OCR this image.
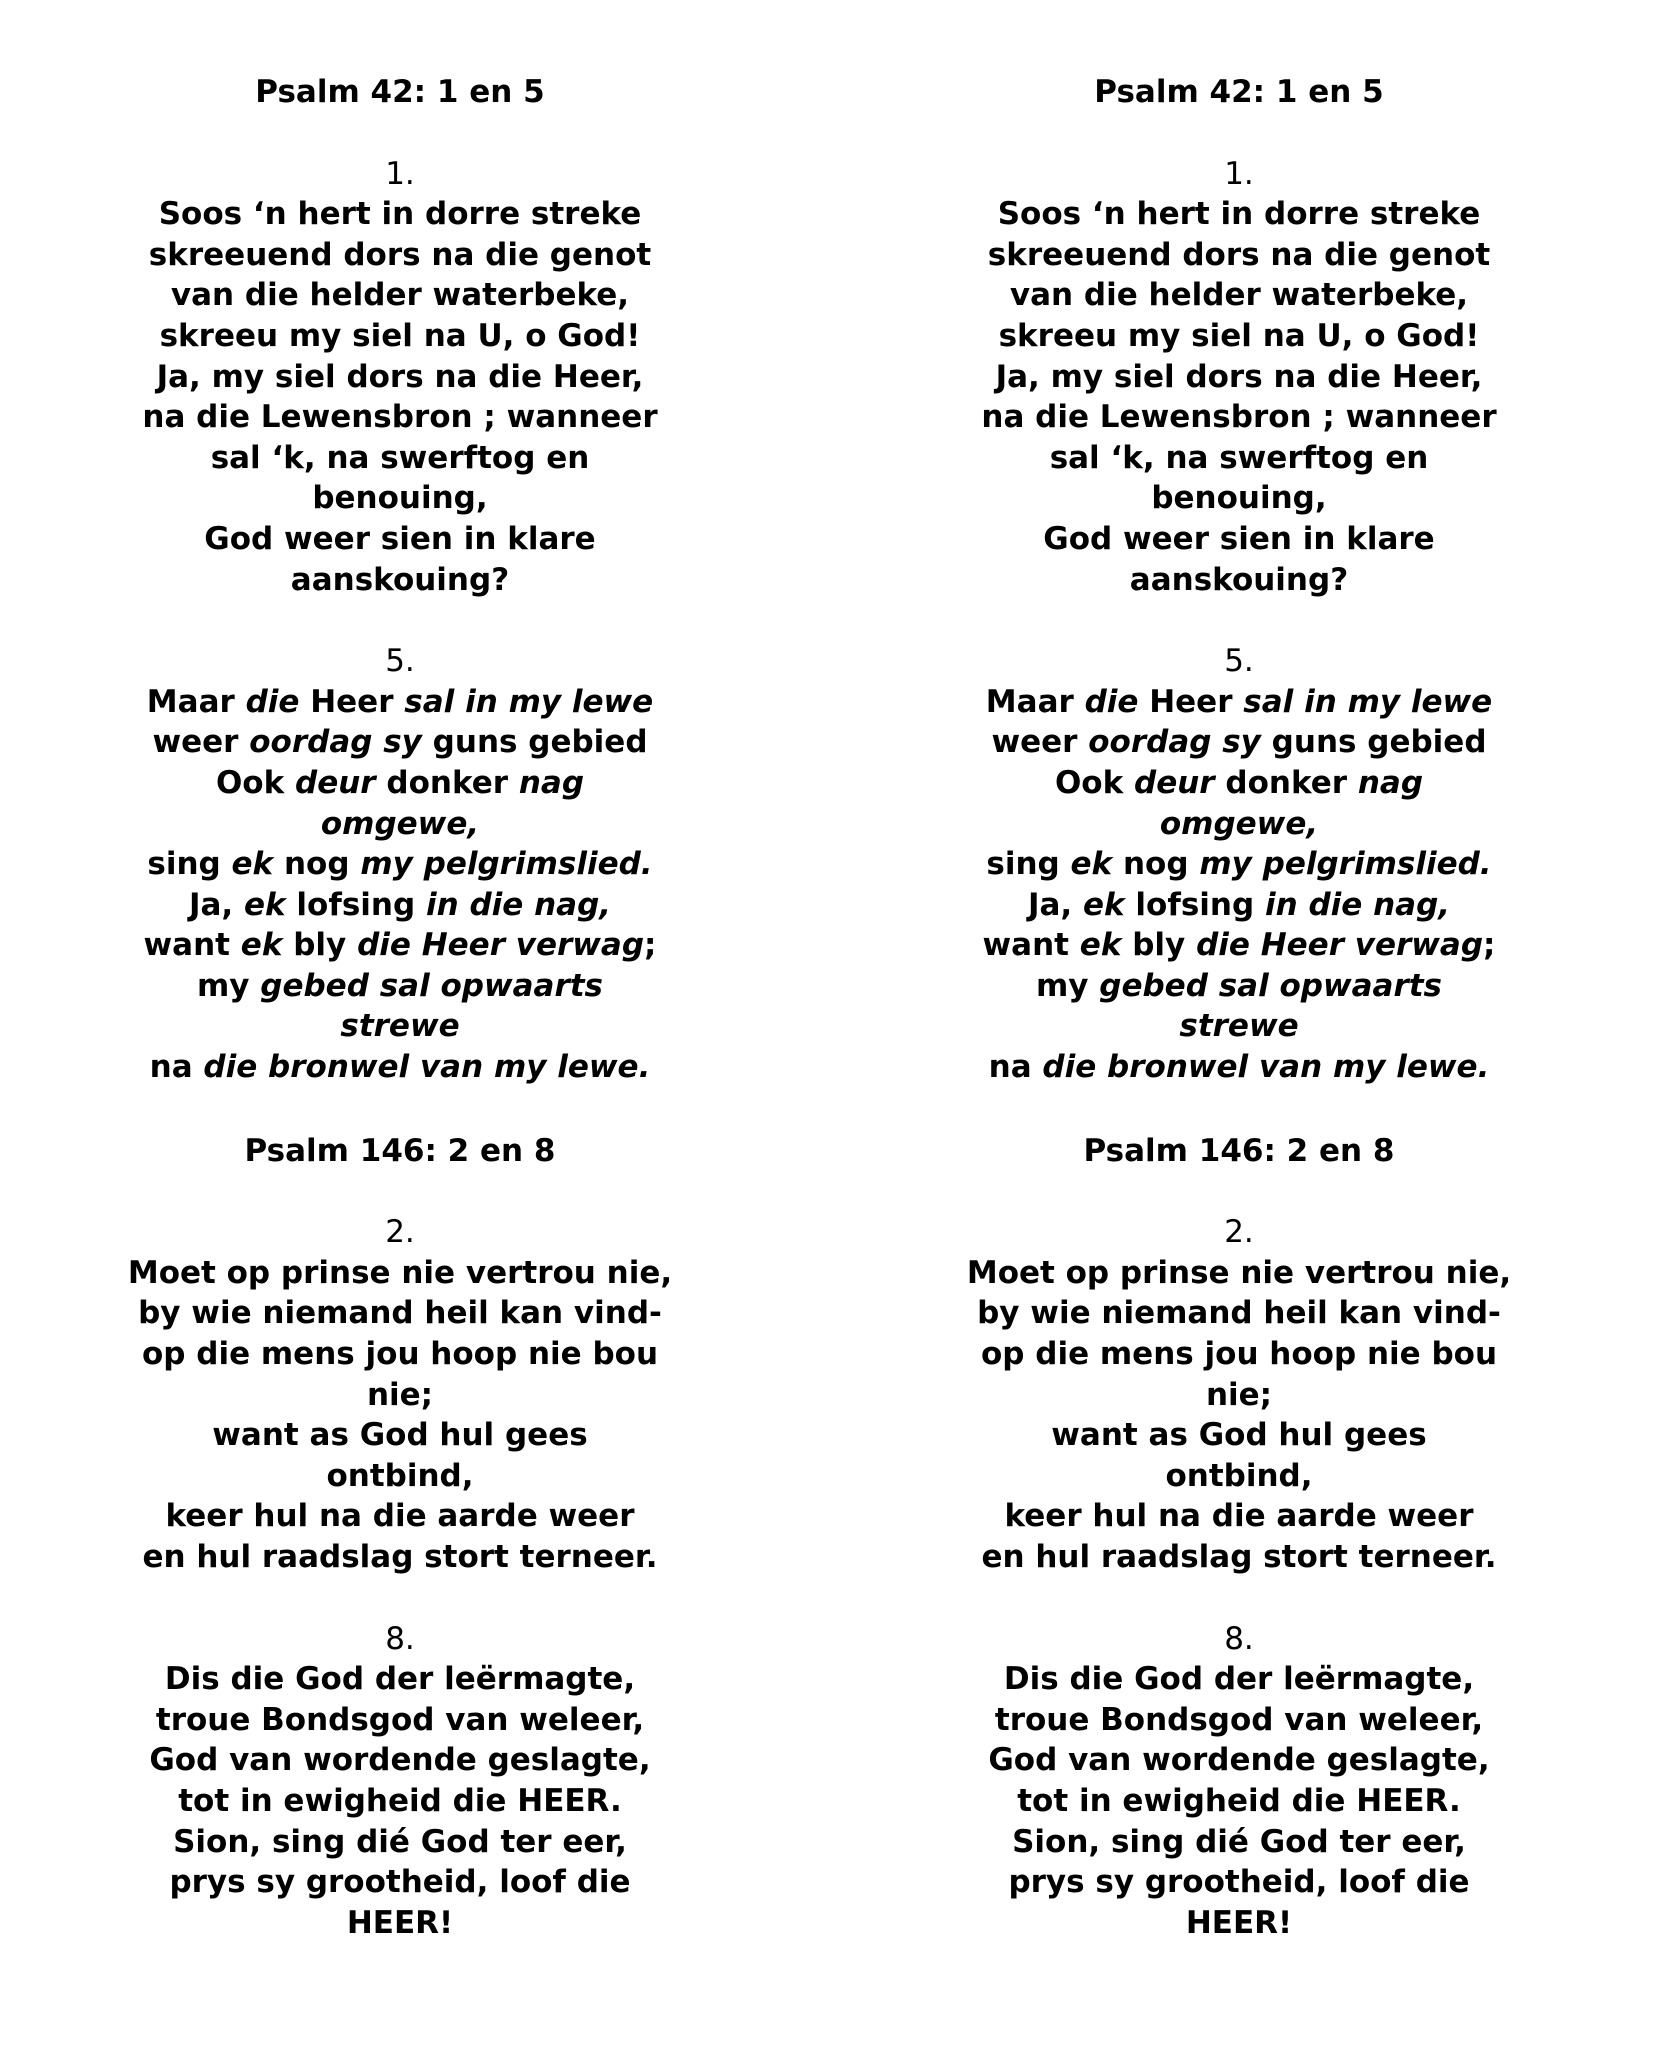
Psalm 42: 1 en 5
1.
Soos ‘n hert in dorre streke
skreeuend dors na die genot
van die helder waterbeke,
skreeu my siel na U, o God!
Ja, my siel dors na die Heer,
na die Lewensbron ; wanneer
sal ‘k, na swerftog en
benouing,
God weer sien in klare
aanskouing?
5.
Maar die Heer sal in my lewe
weer oordag sy guns gebied
Ook deur donker nag
omgewe,
sing ek nog my pelgrimslied.
Ja, ek lofsing in die nag,
want ek bly die Heer verwag;
my gebed sal opwaarts
strewe
na die bronwel van my lewe.
Psalm 146: 2 en 8
2.
Moet op prinse nie vertrou nie,
by wie niemand heil kan vind-
op die mens jou hoop nie bou
nie;
want as God hul gees
ontbind,
keer hul na die aarde weer
en hul raadslag stort terneer.
8.
Dis die God der leërmagte,
troue Bondsgod van weleer,
God van wordende geslagte,
tot in ewigheid die HEER.
Sion, sing dié God ter eer,
prys sy grootheid, loof die
HEER!
Psalm 42: 1 en 5
1.
Soos ‘n hert in dorre streke
skreeuend dors na die genot
van die helder waterbeke,
skreeu my siel na U, o God!
Ja, my siel dors na die Heer,
na die Lewensbron ; wanneer
sal ‘k, na swerftog en
benouing,
God weer sien in klare
aanskouing?
5.
Maar die Heer sal in my lewe
weer oordag sy guns gebied
Ook deur donker nag
omgewe,
sing ek nog my pelgrimslied.
Ja, ek lofsing in die nag,
want ek bly die Heer verwag;
my gebed sal opwaarts
strewe
na die bronwel van my lewe.
Psalm 146: 2 en 8
2.
Moet op prinse nie vertrou nie,
by wie niemand heil kan vind-
op die mens jou hoop nie bou
nie;
want as God hul gees
ontbind,
keer hul na die aarde weer
en hul raadslag stort terneer.
8.
Dis die God der leërmagte,
troue Bondsgod van weleer,
God van wordende geslagte,
tot in ewigheid die HEER.
Sion, sing dié God ter eer,
prys sy grootheid, loof die
HEER!
